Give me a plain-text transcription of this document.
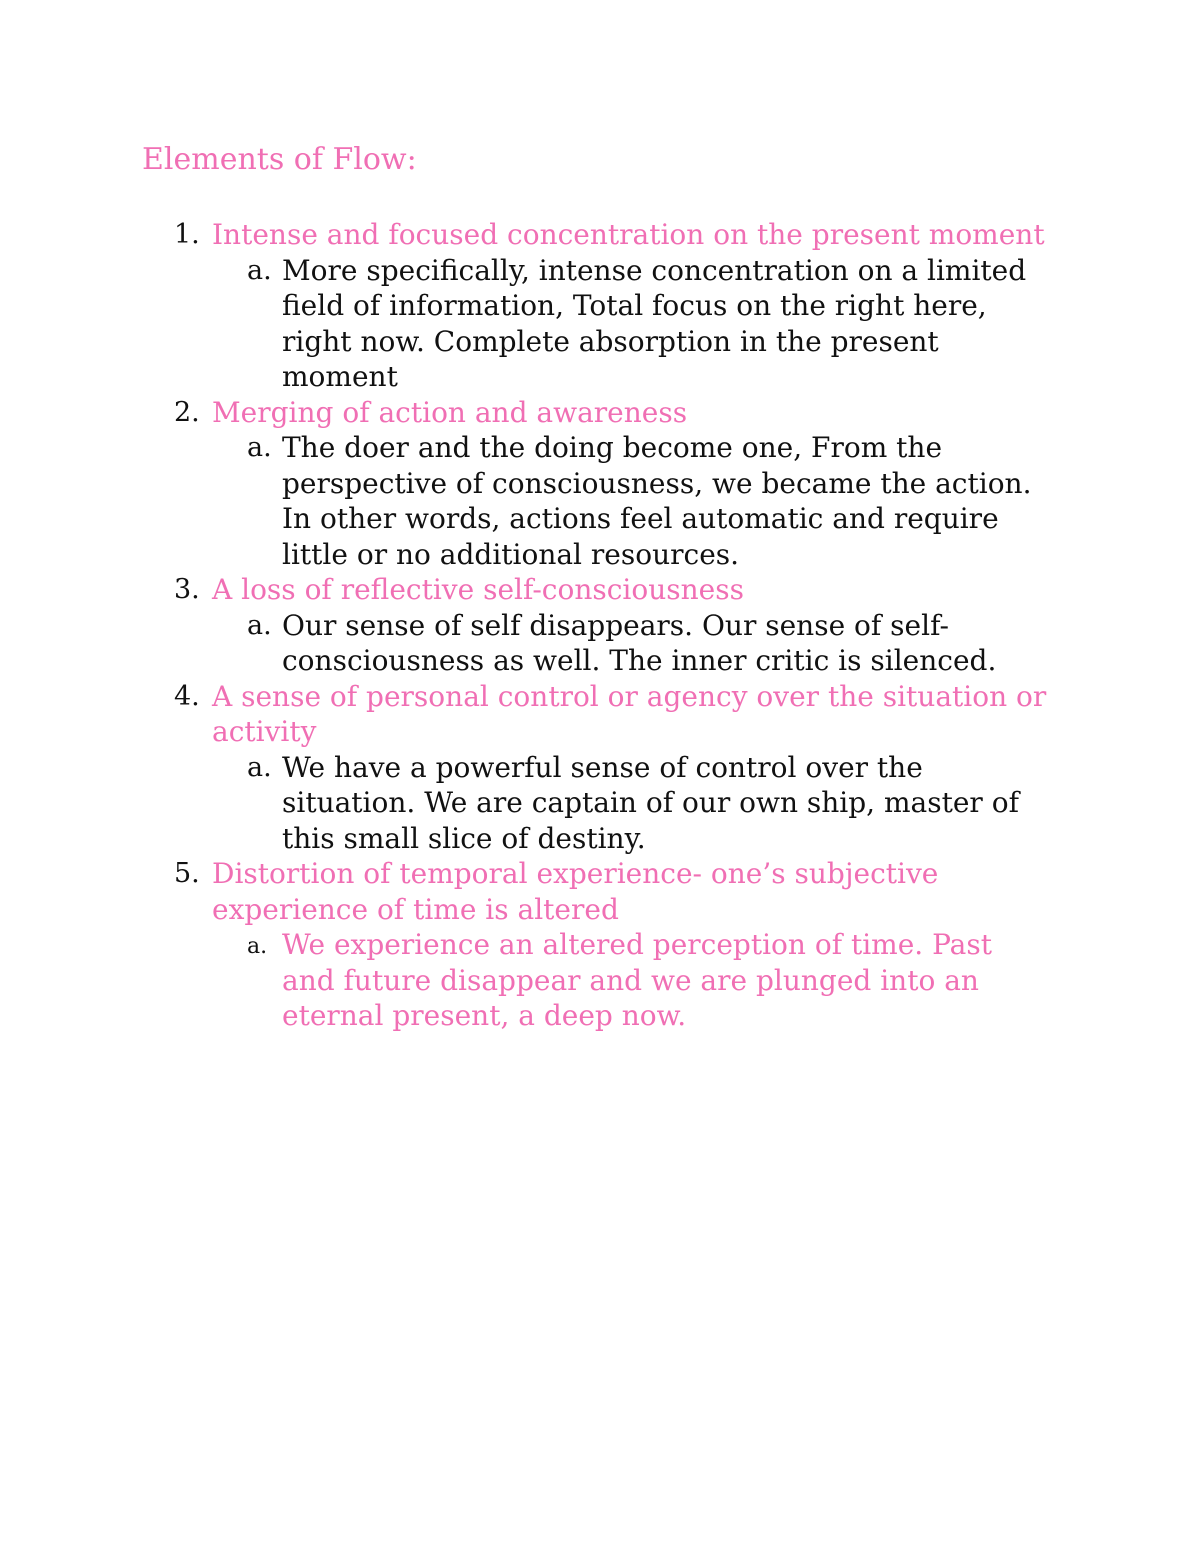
Elements of Flow:
1. Intense and focused concentration on the present moment
a. More specifically, intense concentration on a limited field of information, Total focus on the right here, right now. Complete absorption in the present moment
2. Merging of action and awareness
a. The doer and the doing become one, From the perspective of consciousness, we became the action. In other words, actions feel automatic and require little or no additional resources.
3. A loss of reflective self-consciousness
a. Our sense of self disappears. Our sense of self-consciousness as well. The inner critic is silenced.
4. A sense of personal control or agency over the situation or activity
a. We have a powerful sense of control over the situation. We are captain of our own ship, master of this small slice of destiny.
5. Distortion of temporal experience- one’s subjective experience of time is altered
a. We experience an altered perception of time. Past and future disappear and we are plunged into an eternal present, a deep now.
